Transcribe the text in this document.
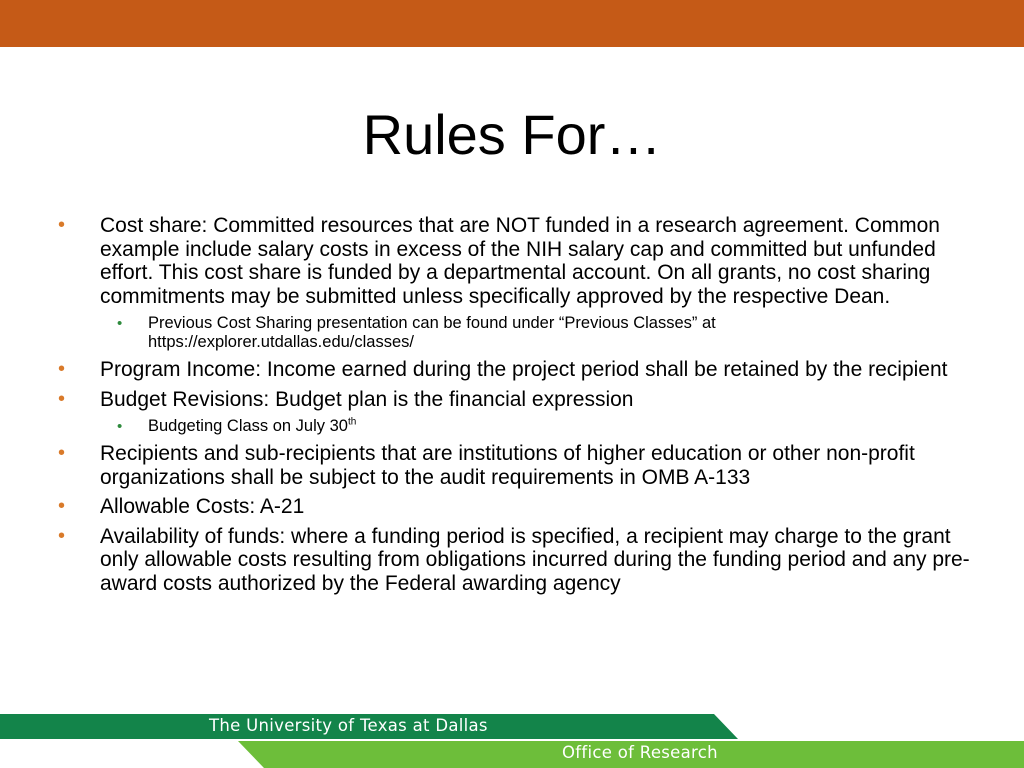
Rules For…
• Cost share: Committed resources that are NOT funded in a research agreement. Common example include salary costs in excess of the NIH salary cap and committed but unfunded effort. This cost share is funded by a departmental account. On all grants, no cost sharing commitments may be submitted unless specifically approved by the respective Dean.
• Previous Cost Sharing presentation can be found under “Previous Classes” at https://explorer.utdallas.edu/classes/
• Program Income: Income earned during the project period shall be retained by the recipient
• Budget Revisions: Budget plan is the financial expression
• Budgeting Class on July 30th
• Recipients and sub-recipients that are institutions of higher education or other non-profit organizations shall be subject to the audit requirements in OMB A-133
• Allowable Costs: A-21
• Availability of funds: where a funding period is specified, a recipient may charge to the grant only allowable costs resulting from obligations incurred during the funding period and any pre-award costs authorized by the Federal awarding agency
The University of Texas at Dallas
Office of Research
